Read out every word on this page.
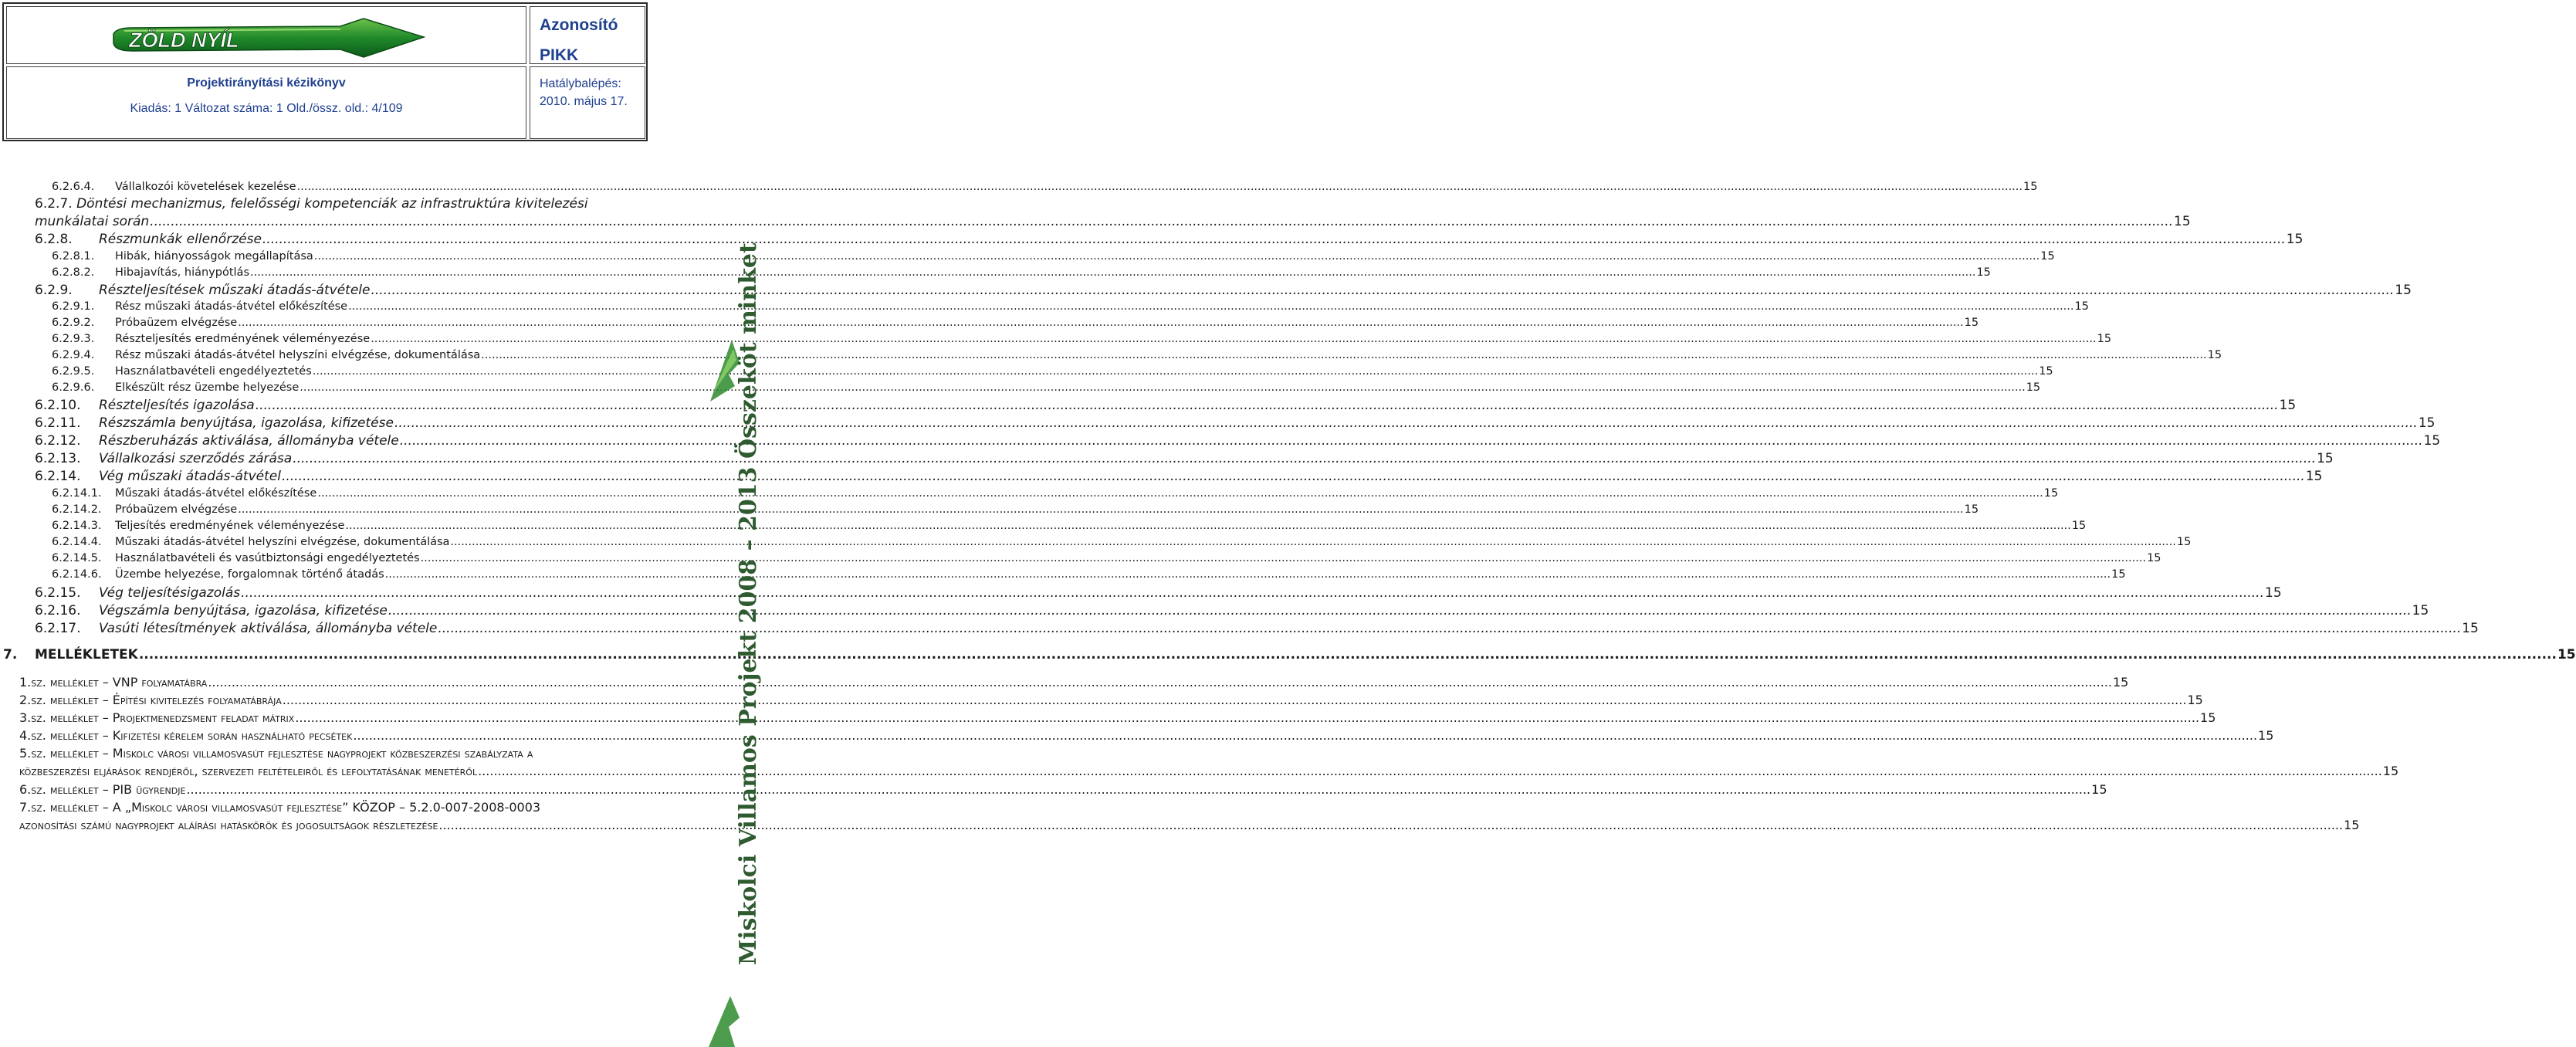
ZÖLD NYÍL
Azonosító
PIKK
Projektirányítási kézikönyv
Kiadás: 1 Változat száma: 1 Old./össz. old.: 4/109
Hatálybalépés:
2010. május 17.
6.2.6.4.	Vállalkozói követelések kezelése .....	15
6.2.7. Döntési mechanizmus, felelősségi kompetenciák az infrastruktúra kivitelezési
munkálatai során .....	15
6.2.8.	Részmunkák ellenőrzése .....	15
6.2.8.1.	Hibák, hiányosságok megállapítása .....	15
6.2.8.2.	Hibajavítás, hiánypótlás .....	15
6.2.9.	Részteljesítések műszaki átadás-átvétele .....	15
6.2.9.1.	Rész műszaki átadás-átvétel előkészítése .....	15
6.2.9.2.	Próbaüzem elvégzése .....	15
6.2.9.3.	Részteljesítés eredményének véleményezése .....	15
6.2.9.4.	Rész műszaki átadás-átvétel helyszíni elvégzése, dokumentálása .....	15
6.2.9.5.	Használatbavételi engedélyeztetés .....	15
6.2.9.6.	Elkészült rész üzembe helyezése .....	15
6.2.10.	Részteljesítés igazolása .....	15
6.2.11.	Részszámla benyújtása, igazolása, kifizetése .....	15
6.2.12.	Részberuházás aktiválása, állományba vétele .....	15
6.2.13.	Vállalkozási szerződés zárása .....	15
6.2.14.	Vég műszaki átadás-átvétel .....	15
6.2.14.1.	Műszaki átadás-átvétel előkészítése .....	15
6.2.14.2.	Próbaüzem elvégzése .....	15
6.2.14.3.	Teljesítés eredményének véleményezése .....	15
6.2.14.4.	Műszaki átadás-átvétel helyszíni elvégzése, dokumentálása .....	15
6.2.14.5.	Használatbavételi és vasútbiztonsági engedélyeztetés .....	15
6.2.14.6.	Üzembe helyezése, forgalomnak történő átadás .....	15
6.2.15.	Vég teljesítésigazolás .....	15
6.2.16.	Végszámla benyújtása, igazolása, kifizetése .....	15
6.2.17.	Vasúti létesítmények aktiválása, állományba vétele .....	15
7.	MELLÉKLETEK .....	15
1.sz. melléklet – VNP folyamatábra .....	15
2.sz. melléklet – Építési kivitelezés folyamatábrája .....	15
3.sz. melléklet – Projektmenedzsment feladat mátrix .....	15
4.sz. melléklet – Kifizetési kérelem során használható pecsétek .....	15
5.sz. melléklet – Miskolc városi villamosvasút fejlesztése nagyprojekt közbeszerzési szabályzata a
közbeszerzési eljárások rendjéről, szervezeti feltételeiről és lefolytatásának menetéről .....	15
6.sz. melléklet – PIB ügyrendje .....	15
7.sz. melléklet – A „Miskolc városi villamosvasút fejlesztése” KÖZOP – 5.2.0-007-2008-0003
azonosítási számú nagyprojekt aláírási hatáskörök és jogosultságok részletezése .....	15
Miskolci Villamos Projekt 2008 – 2013 Összeköt minket
